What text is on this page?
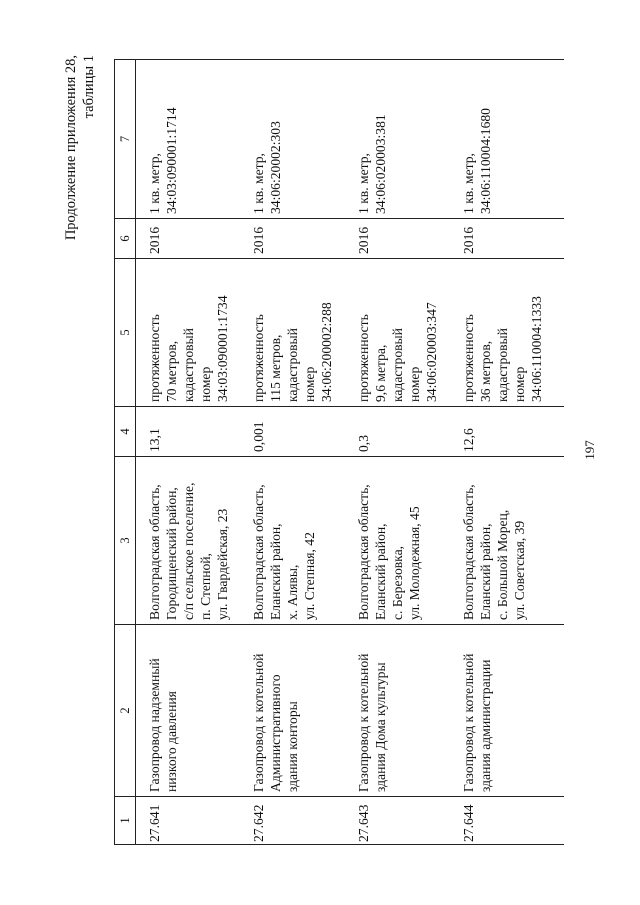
Продолжение приложения 28,
таблицы 1
197
1	2	3	4	5	6	7
27.641	Газопровод надземный
низкого давления	Волгоградская область,
Городищенский район,
с/п сельское поселение,
п. Степной,
ул. Гвардейская, 23	13,1	протяженность
70 метров,
кадастровый
номер
34:03:090001:1734	2016	1 кв. метр,
34:03:090001:1714
27.642	Газопровод к котельной
Административного
здания конторы	Волгоградская область,
Еланский район,
х. Алявы,
ул. Степная, 42	0,001	протяженность
115 метров,
кадастровый
номер
34:06:200002:288	2016	1 кв. метр,
34:06:20002:303
27.643	Газопровод к котельной
здания Дома культуры	Волгоградская область,
Еланский район,
с. Березовка,
ул. Молодежная, 45	0,3	протяженность
9,6 метра,
кадастровый
номер
34:06:020003:347	2016	1 кв. метр,
34:06:020003:381
27.644	Газопровод к котельной
здания администрации	Волгоградская область,
Еланский район,
с. Большой Морец,
ул. Советская, 39	12,6	протяженность
36 метров,
кадастровый
номер
34:06:110004:1333	2016	1 кв. метр,
34:06:110004:1680
